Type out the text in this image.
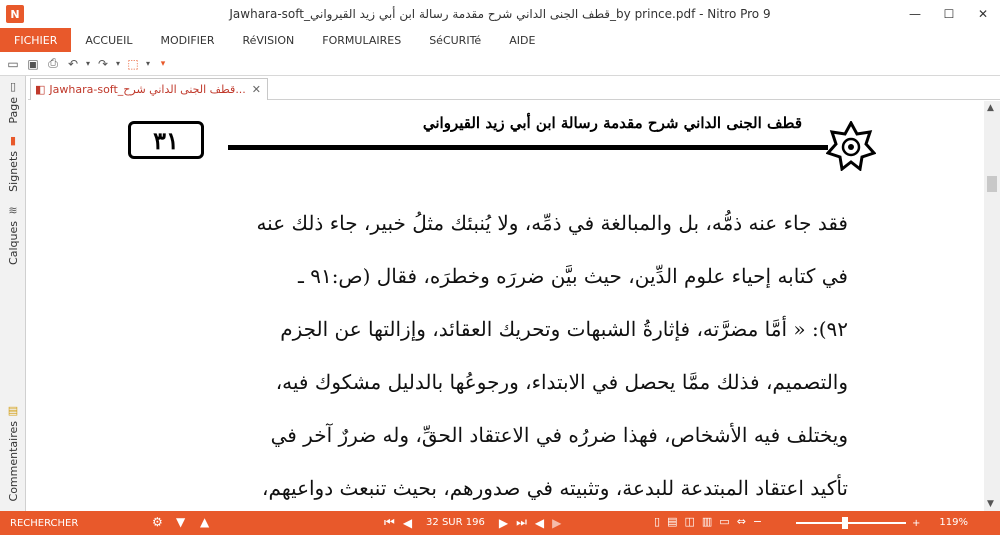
N	Jawhara-soft_قطف الجنى الداني شرح مقدمة رسالة ابن أبي زيد القيرواني_by prince.pdf - Nitro Pro 9	—	☐	✕
FICHIER	ACCUEIL	MODIFIER	RéVISION	FORMULAIRES	SéCURITé	AIDE
▭ ▣ ⎙ ↶ ▾ ↷ ▾ ⬚ ▾	▾
▯
Page
▮
Signets
≋
Calques
▤
Commentaires
◧ Jawhara-soft_قطف الجنى الداني شرح... ✕
٣١
قطف الجنى الداني شرح مقدمة رسالة ابن أبي زيد القيرواني

فقد جاء عنه ذمُّه، بل والمبالغة في ذمِّه، ولا يُنبئك مثلُ خبير، جاء ذلك عنه

في كتابه إحياء علوم الدِّين، حيث بيَّن ضررَه وخطرَه، فقال (ص:٩١ ـ

٩٢): « أمَّا مضرَّته، فإثارةُ الشبهات وتحريك العقائد، وإزالتها عن الجزم

والتصميم، فذلك ممَّا يحصل في الابتداء، ورجوعُها بالدليل مشكوك فيه،

ويختلف فيه الأشخاص، فهذا ضررُه في الاعتقاد الحقِّ، وله ضررٌ آخر في

تأكيد اعتقاد المبتدعة للبدعة، وتثبيته في صدورهم، بحيث تنبعث دواعيهم،

▲
▼
RECHERCHER	⚙ ▼ ▲	⏮ ◀ 32 SUR 196 ▶ ⏭ ◀ ▶	▯ ▤ ◫ ▥ ▭ ⇔ −	+ 119%
